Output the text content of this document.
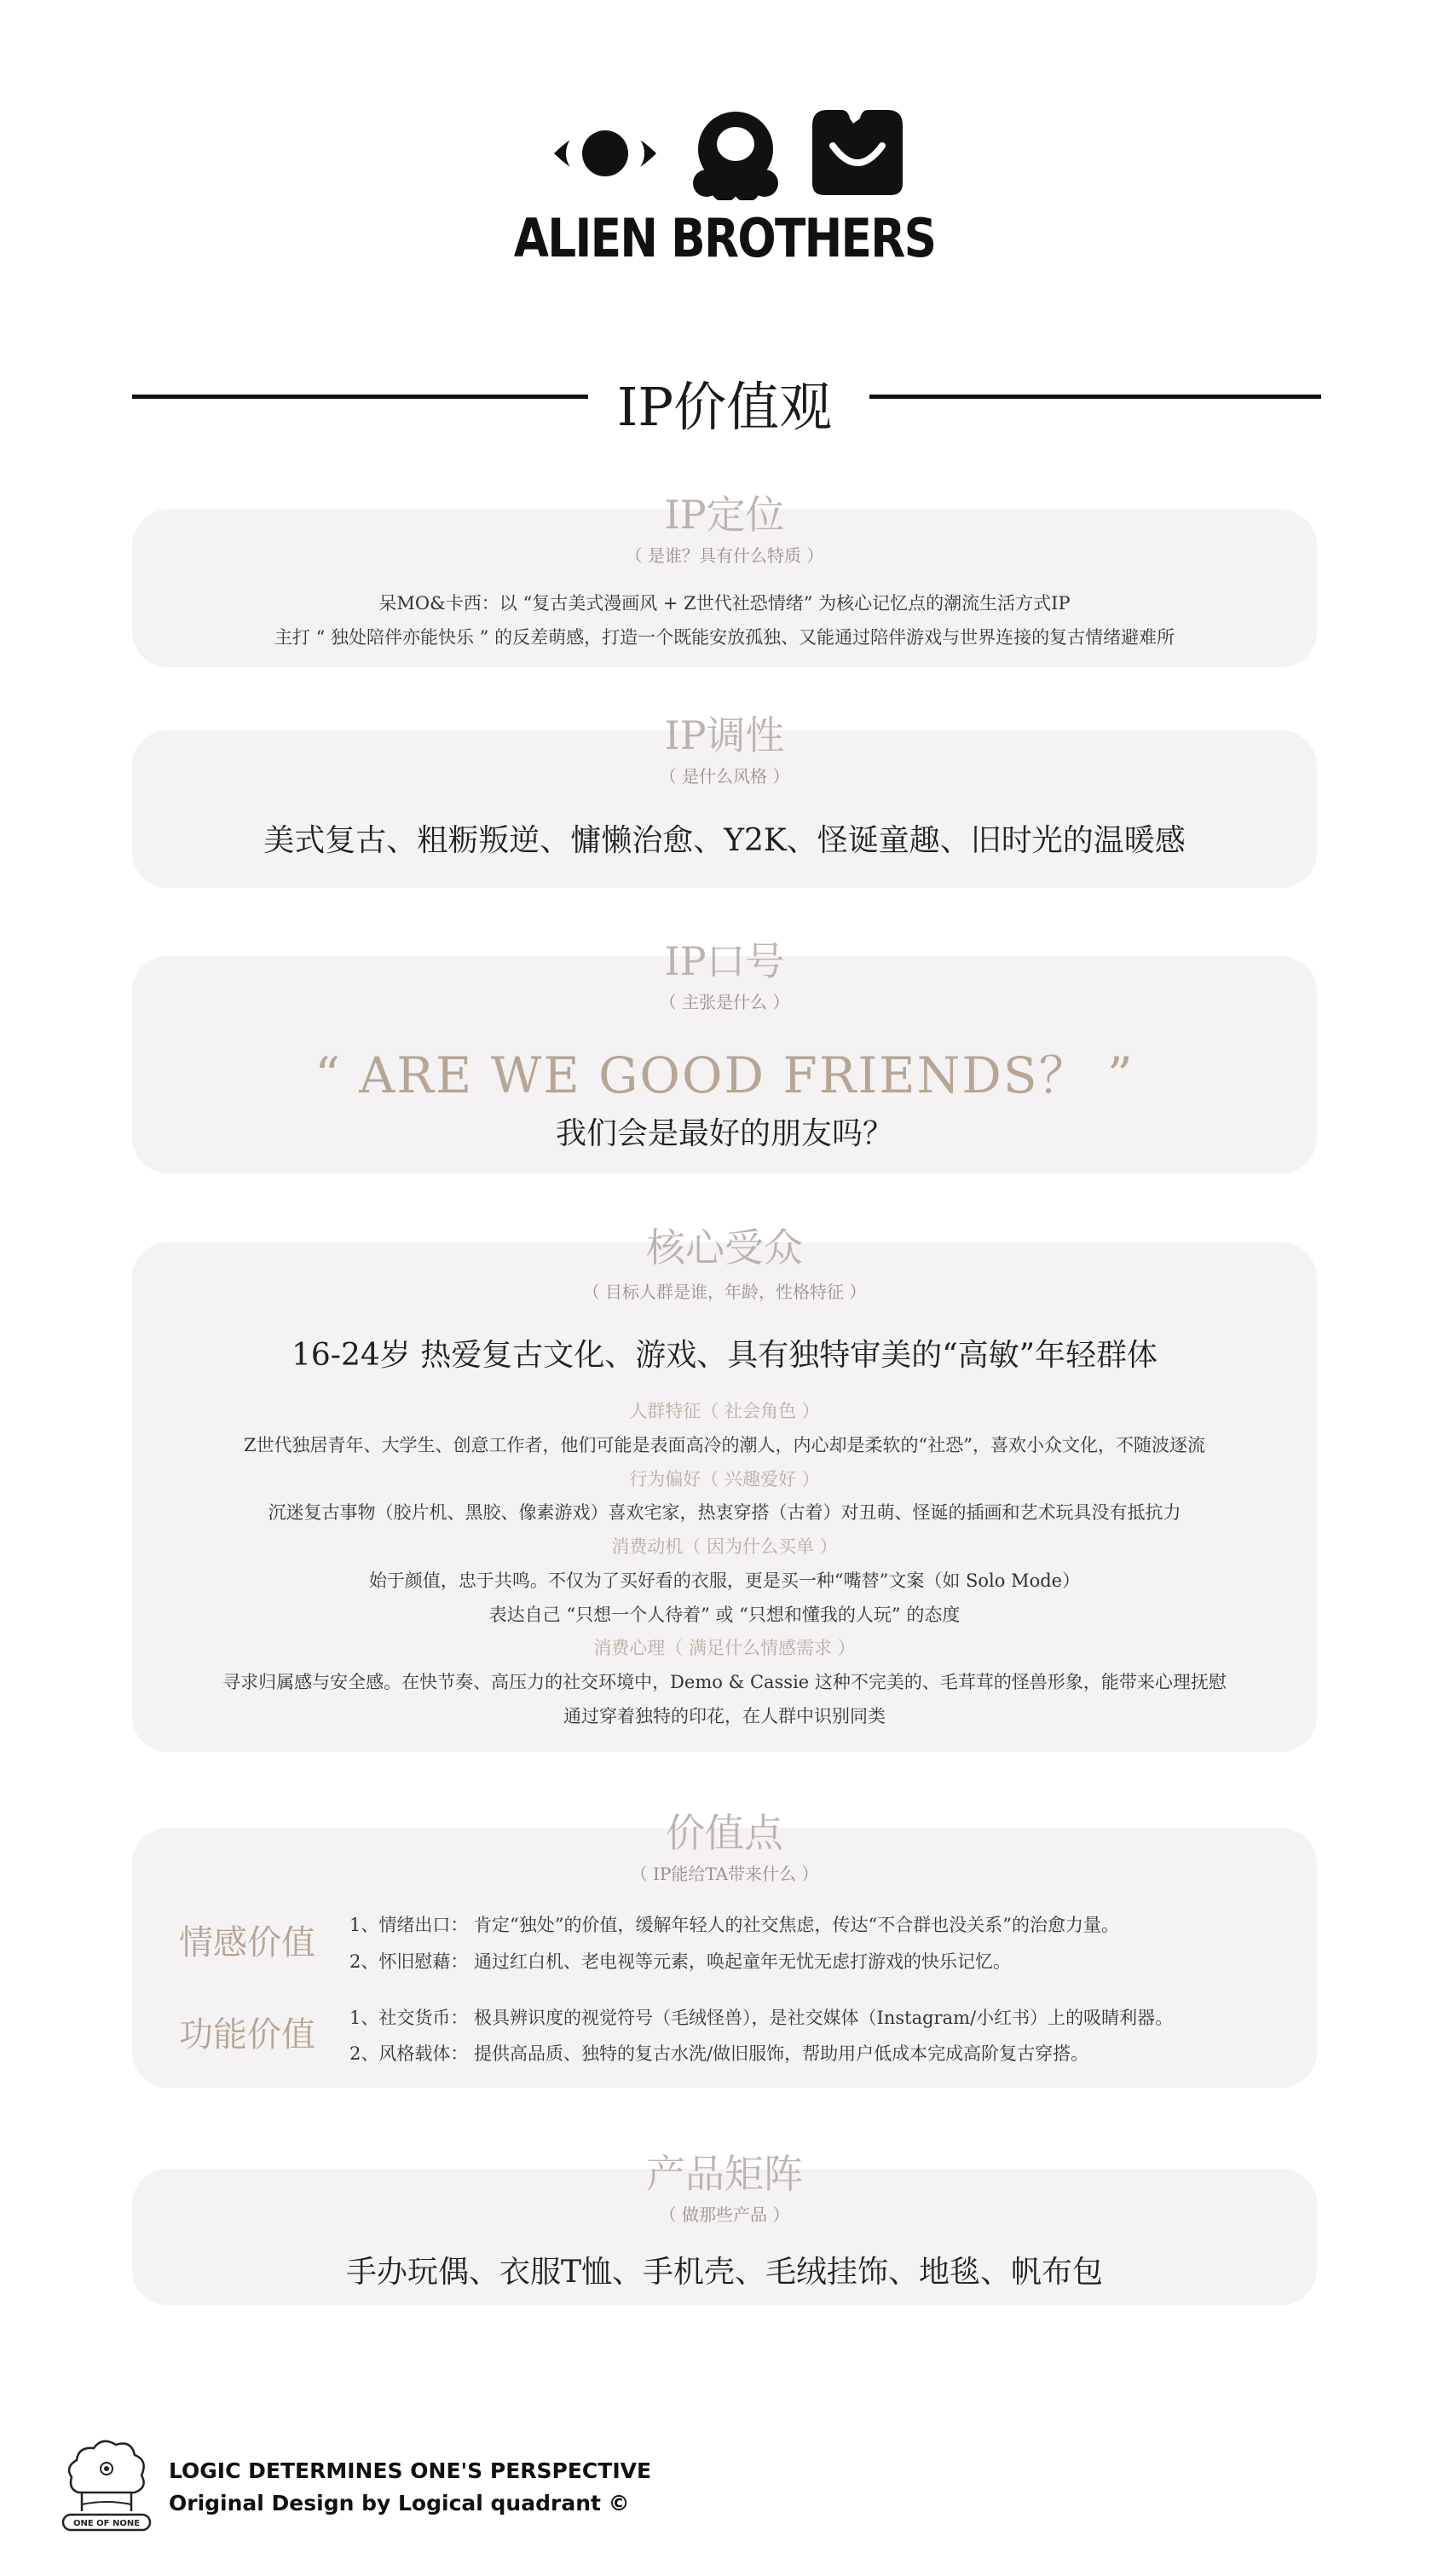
ALIEN BROTHERS
IP价值观
IP定位
（ 是谁？具有什么特质 ）
呆MO&卡西：以 “复古美式漫画风 + Z世代社恐情绪” 为核心记忆点的潮流生活方式IP
主打 “ 独处陪伴亦能快乐 ” 的反差萌感，打造一个既能安放孤独、又能通过陪伴游戏与世界连接的复古情绪避难所
IP调性
（ 是什么风格 ）
美式复古、粗粝叛逆、慵懒治愈、Y2K、怪诞童趣、旧时光的温暖感
IP口号
（ 主张是什么 ）
“ ARE WE GOOD FRIENDS？ ”
我们会是最好的朋友吗？
核心受众
（ 目标人群是谁，年龄，性格特征 ）
16-24岁 热爱复古文化、游戏、具有独特审美的“高敏”年轻群体
人群特征（ 社会角色 ）
Z世代独居青年、大学生、创意工作者，他们可能是表面高冷的潮人，内心却是柔软的“社恐”，喜欢小众文化，不随波逐流
行为偏好（ 兴趣爱好 ）
沉迷复古事物（胶片机、黑胶、像素游戏）喜欢宅家，热衷穿搭（古着）对丑萌、怪诞的插画和艺术玩具没有抵抗力
消费动机（ 因为什么买单 ）
始于颜值，忠于共鸣。不仅为了买好看的衣服，更是买一种“嘴替”文案（如 Solo Mode）
表达自己 “只想一个人待着” 或 “只想和懂我的人玩” 的态度
消费心理（ 满足什么情感需求 ）
寻求归属感与安全感。在快节奏、高压力的社交环境中，Demo & Cassie 这种不完美的、毛茸茸的怪兽形象，能带来心理抚慰
通过穿着独特的印花，在人群中识别同类
价值点
（ IP能给TA带来什么 ）
情感价值 1、情绪出口： 肯定“独处”的价值，缓解年轻人的社交焦虑，传达“不合群也没关系”的治愈力量。
2、怀旧慰藉： 通过红白机、老电视等元素，唤起童年无忧无虑打游戏的快乐记忆。
功能价值 1、社交货币： 极具辨识度的视觉符号（毛绒怪兽），是社交媒体（Instagram/小红书）上的吸睛利器。
2、风格载体： 提供高品质、独特的复古水洗/做旧服饰，帮助用户低成本完成高阶复古穿搭。
产品矩阵
（ 做那些产品 ）
手办玩偶、衣服T恤、手机壳、毛绒挂饰、地毯、帆布包
ONE OF NONE
LOGIC DETERMINES ONE'S PERSPECTIVE
Original Design by Logical quadrant ©
